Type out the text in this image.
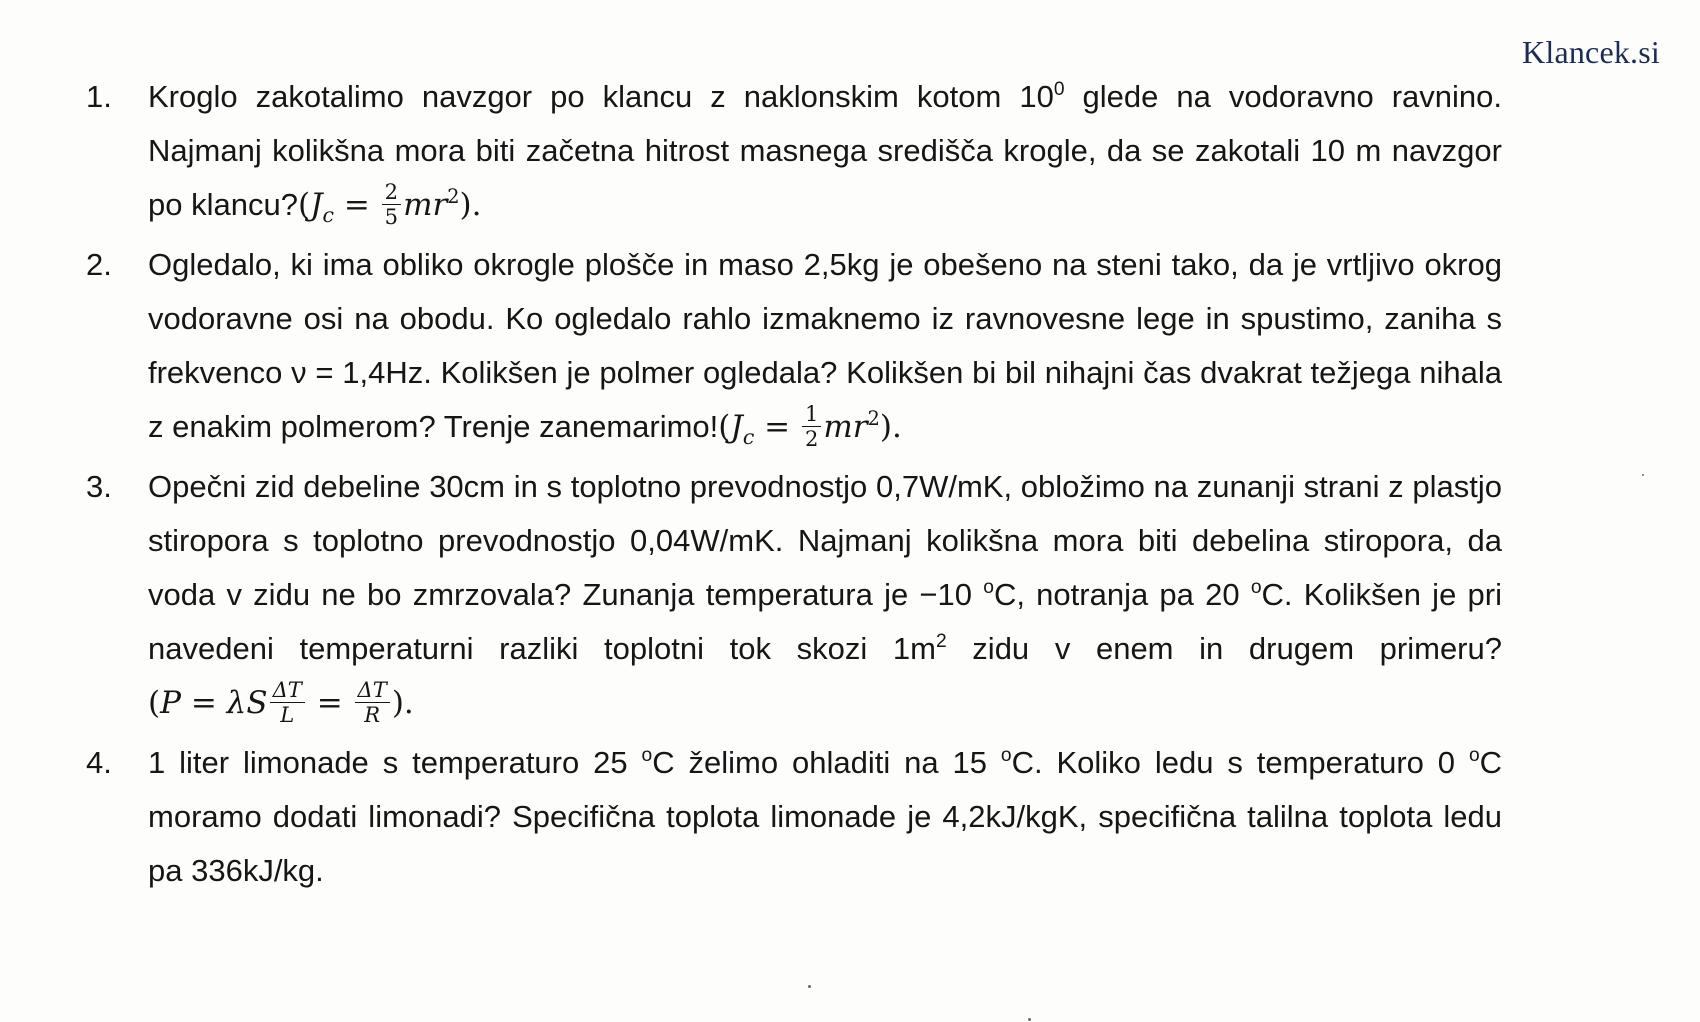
Klancek.si
1. Kroglo zakotalimo navzgor po klancu z naklonskim kotom $10^0$ glede na vodoravno ravnino. Najmanj kolikšna mora biti začetna hitrost masnega središča krogle, da se zakotali 10 m navzgor po $klancu?(J_c = \frac{2}{5} mr^2)$.
2. Ogledalo, ki ima obliko okrogle plošče in maso 2,5kg je obešeno na steni tako, da je vrtljivo okrog vodoravne osi na obodu. Ko ogledalo rahlo izmaknemo iz ravnovesne lege in spustimo, zaniha s frekvenco ν = 1,4Hz. Kolikšen je polmer ogledala? Kolikšen bi bil nihajni čas dvakrat težjega nihala z enakim polmerom? Trenje $zanemarimo!(J_c = \frac{1}{2} mr^2)$.
3. Opečni zid debeline 30cm in s toplotno prevodnostjo 0,7W/mK, obložimo na zunanji strani z plastjo stiropora s toplotno prevodnostjo 0,04W/mK. Najmanj kolikšna mora biti debelina stiropora, da voda v zidu ne bo zmrzovala? Zunanja temperatura je −10 $^o$C, notranja pa 20 $^o$C. Kolikšen je pri navedeni temperaturni razliki toplotni tok skozi $1m^2$ zidu v enem in drugem primeru?(P = λS $\frac{\Delta T}{L} = \frac{\Delta T}{R}$ ).
4. 1 liter limonade s temperaturo 25 $^o$C želimo ohladiti na 15 $^o$C. Koliko ledu s temperaturo 0 $^o$C moramo dodati limonadi? Specifična toplota limonade je 4,2kJ/kgK, specifična talilna toplota ledu pa 336kJ/kg.
